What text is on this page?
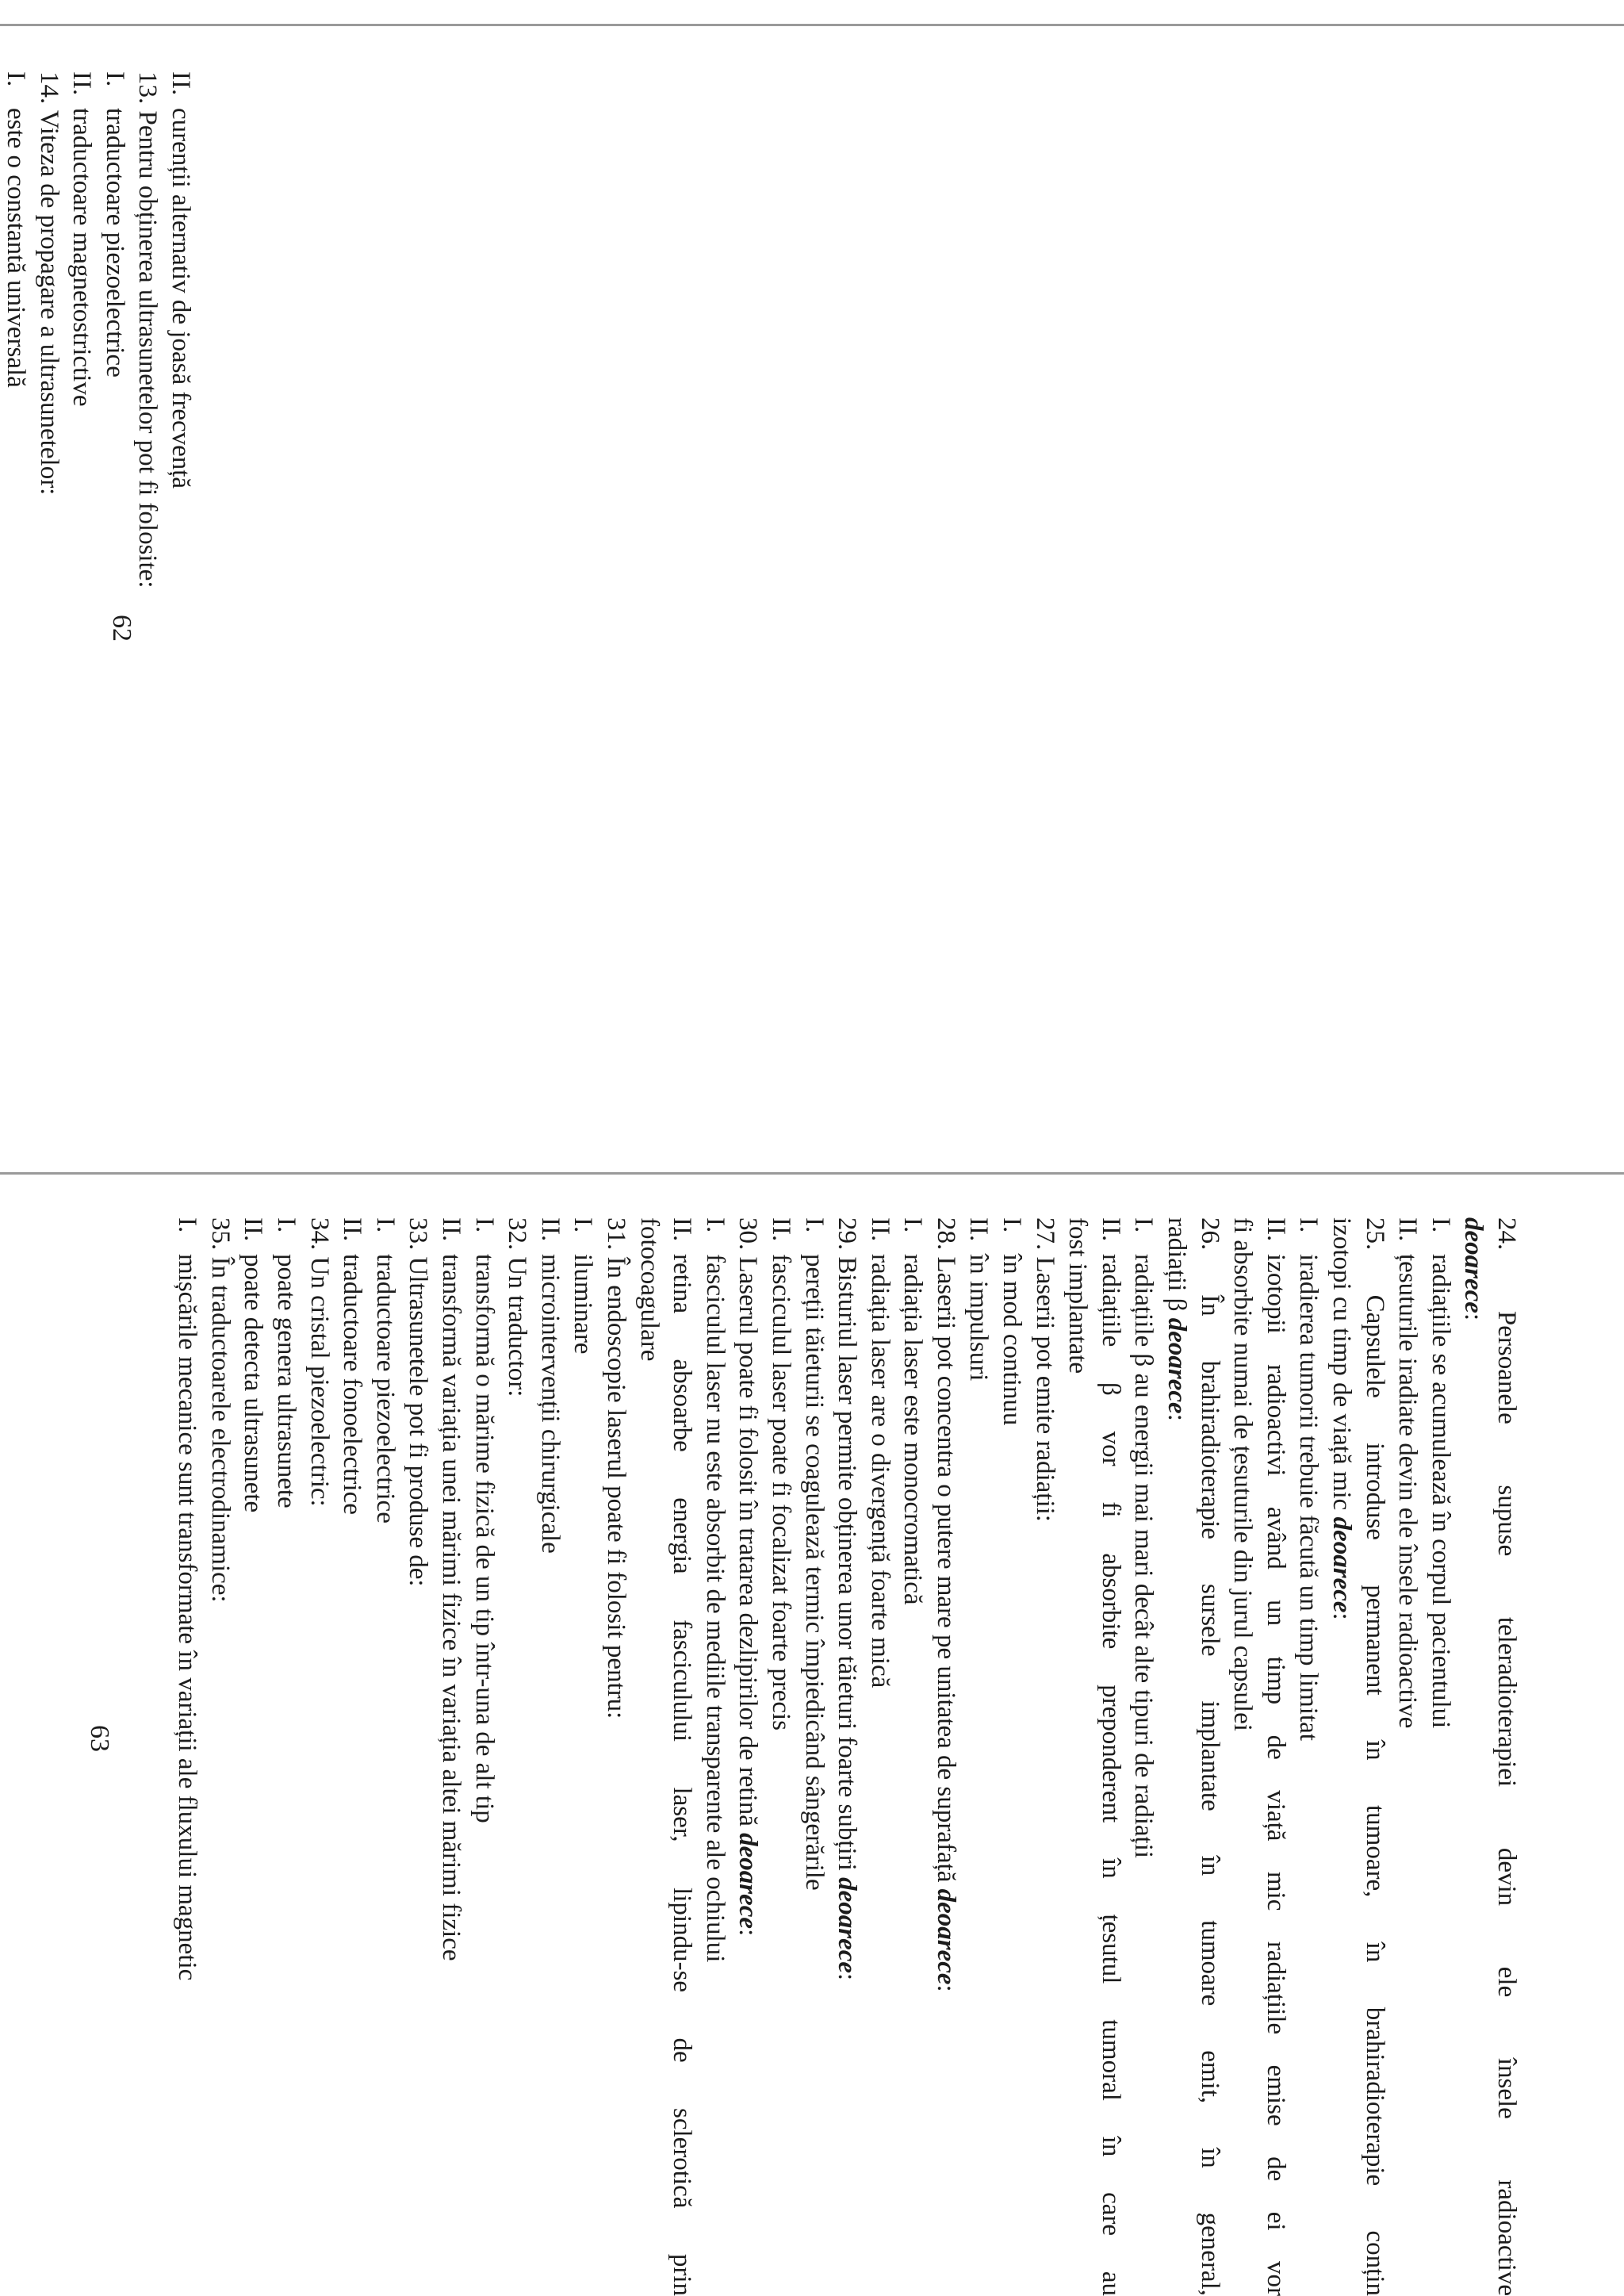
II.curenții alternativ de joasă frecvență
13. Pentru obținerea ultrasunetelor pot fi folosite:
I.traductoare piezoelectrice
II.traductoare magnetostrictive
14. Viteza de propagare a ultrasunetelor:
I.este o constantă universală
62
24. Persoanele supuse teleradioterapiei devin ele însele radioactive
deoarece:
I.radiațiile se acumulează în corpul pacientului
II.țesuturile iradiate devin ele însele radioactive
25. Capsulele introduse permanent în tumoare, în brahiradioterapie conțin
izotopi cu timp de viață mic deoarece:
I.iradierea tumorii trebuie făcută un timp limitat
II.izotopii radioactivi având un timp de viață mic radiațiile emise de ei vor
fi absorbite numai de țesuturile din jurul capsulei
26. În brahiradioterapie sursele implantate în tumoare emit, în general,
radiații β deoarece:
I.radiațiile β au energii mai mari decât alte tipuri de radiații
II.radiațiile β vor fi absorbite preponderent în țesutul tumoral în care au
fost implantate
27. Laserii pot emite radiații:
I.în mod continuu
II.în impulsuri
28. Laserii pot concentra o putere mare pe unitatea de suprafață deoarece:
I.radiația laser este monocromatică
II.radiația laser are o divergență foarte mică
29. Bisturiul laser permite obținerea unor tăieturi foarte subțiri deoarece:
I.pereții tăieturii se coagulează termic împiedicând sângerările
II.fasciculul laser poate fi focalizat foarte precis
30. Laserul poate fi folosit în tratarea dezlipirilor de retină deoarece:
I.fasciculul laser nu este absorbit de mediile transparente ale ochiului
II.retina absoarbe energia fasciculului laser, lipindu-se de sclerotică prin
fotocoagulare
31. În endoscopie laserul poate fi folosit pentru:
I.iluminare
II.microintervenții chirurgicale
32. Un traductor:
I.transformă o mărime fizică de un tip într-una de alt tip
II.transformă variația unei mărimi fizice în variația altei mărimi fizice
33. Ultrasunetele pot fi produse de:
I.traductoare piezoelectrice
II.traductoare fonoelectrice
34. Un cristal piezoelectric:
I.poate genera ultrasunete
II.poate detecta ultrasunete
35. În traductoarele electrodinamice:
I.mișcările mecanice sunt transformate în variații ale fluxului magnetic
63
